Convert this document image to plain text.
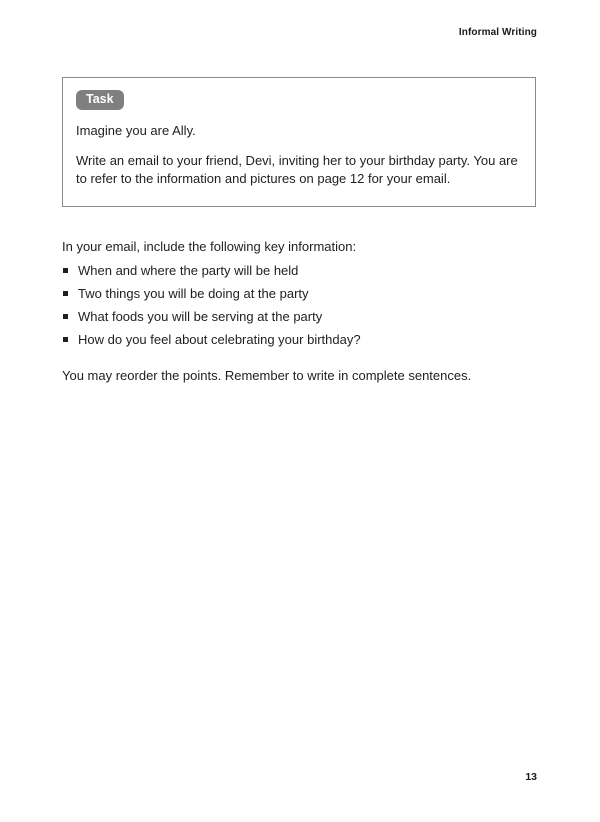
Informal Writing
Task

Imagine you are Ally.

Write an email to your friend, Devi, inviting her to your birthday party. You are to refer to the information and pictures on page 12 for your email.

In your email, include the following key information:

When and where the party will be held
Two things you will be doing at the party
What foods you will be serving at the party
How do you feel about celebrating your birthday?

You may reorder the points. Remember to write in complete sentences.

13
